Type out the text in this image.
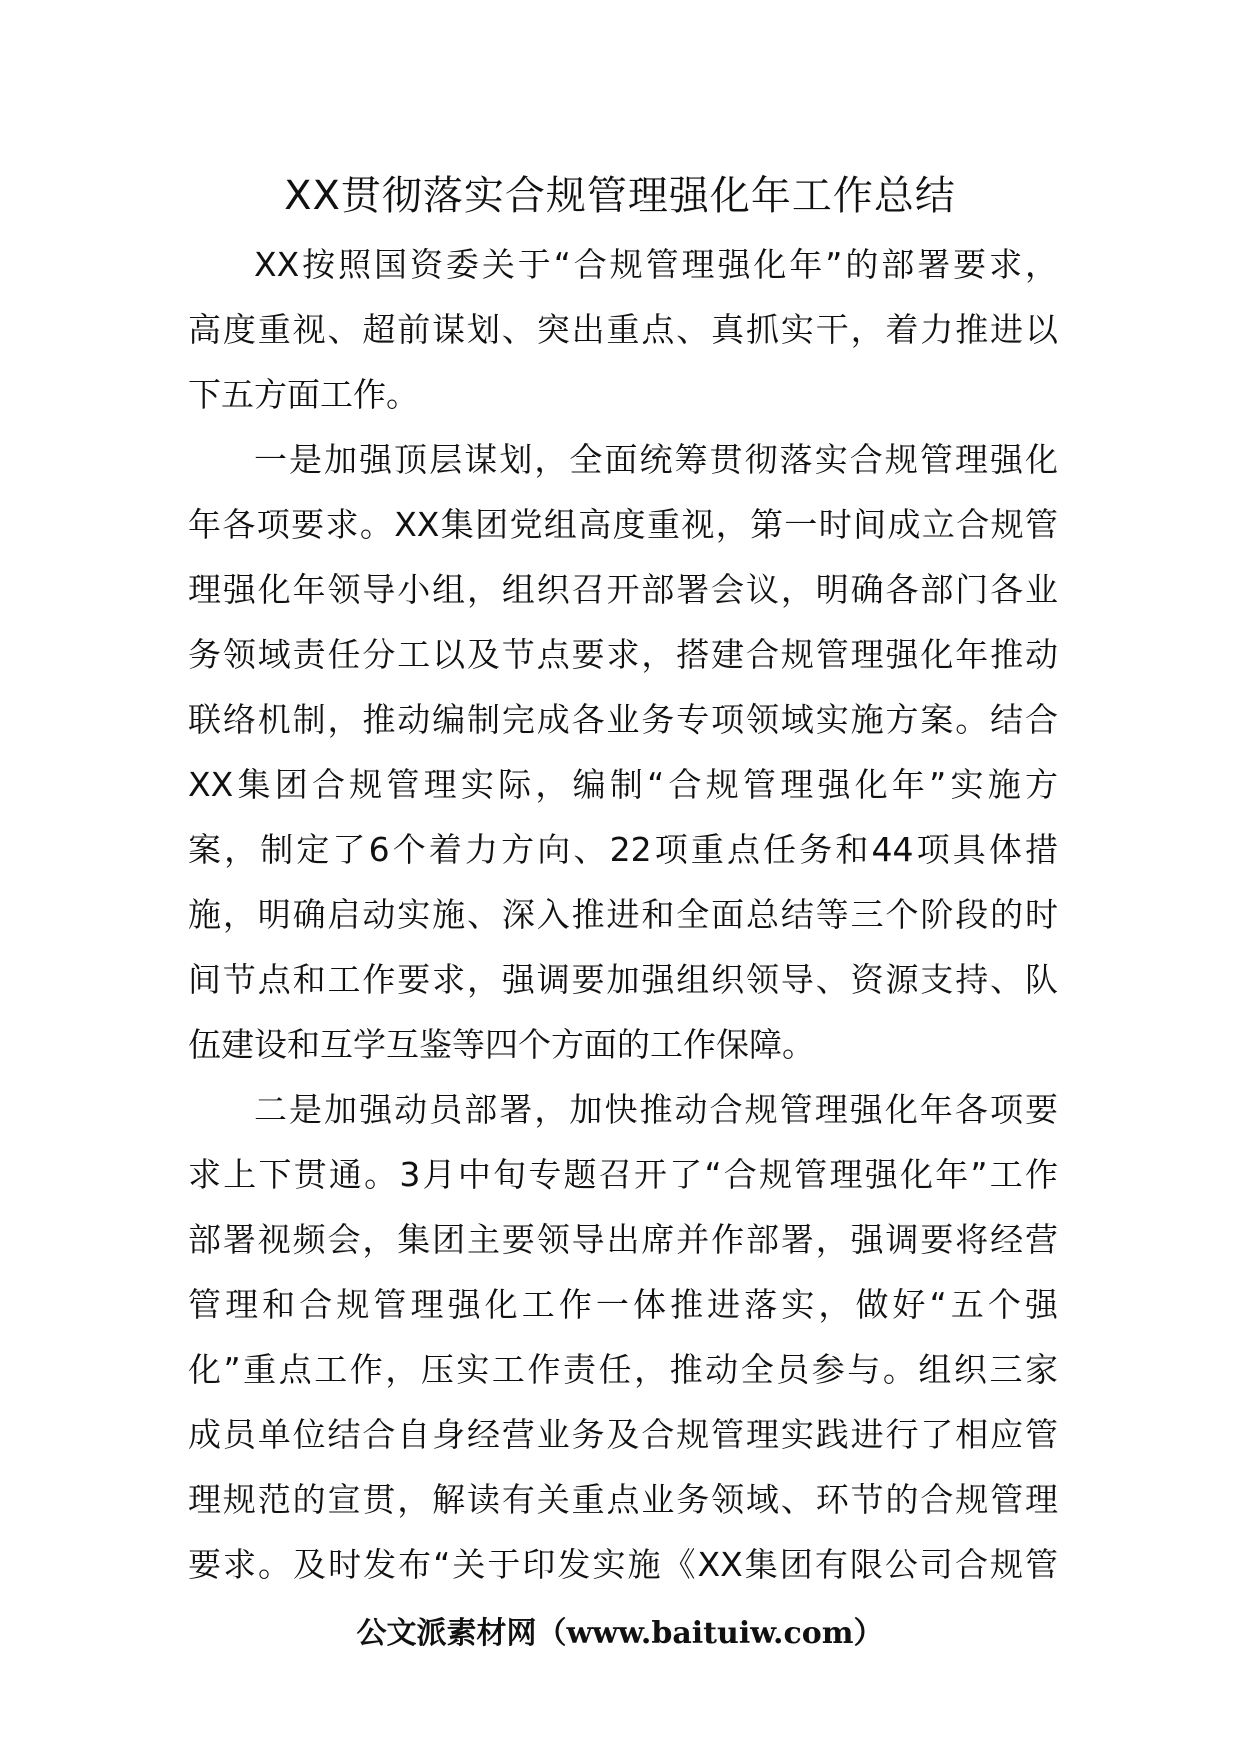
XX贯彻落实合规管理强化年工作总结
XX按照国资委关于“合规管理强化年”的部署要求，
高度重视、超前谋划、突出重点、真抓实干，着力推进以
下五方面工作。
一是加强顶层谋划，全面统筹贯彻落实合规管理强化
年各项要求。XX集团党组高度重视，第一时间成立合规管
理强化年领导小组，组织召开部署会议，明确各部门各业
务领域责任分工以及节点要求，搭建合规管理强化年推动
联络机制，推动编制完成各业务专项领域实施方案。结合
XX集团合规管理实际，编制“合规管理强化年”实施方
案，制定了6个着力方向、22项重点任务和44项具体措
施，明确启动实施、深入推进和全面总结等三个阶段的时
间节点和工作要求，强调要加强组织领导、资源支持、队
伍建设和互学互鉴等四个方面的工作保障。
二是加强动员部署，加快推动合规管理强化年各项要
求上下贯通。3月中旬专题召开了“合规管理强化年”工作
部署视频会，集团主要领导出席并作部署，强调要将经营
管理和合规管理强化工作一体推进落实，做好“五个强
化”重点工作，压实工作责任，推动全员参与。组织三家
成员单位结合自身经营业务及合规管理实践进行了相应管
理规范的宣贯，解读有关重点业务领域、环节的合规管理
要求。及时发布“关于印发实施《XX集团有限公司合规管
公文派素材网（www.baituiw.com）
